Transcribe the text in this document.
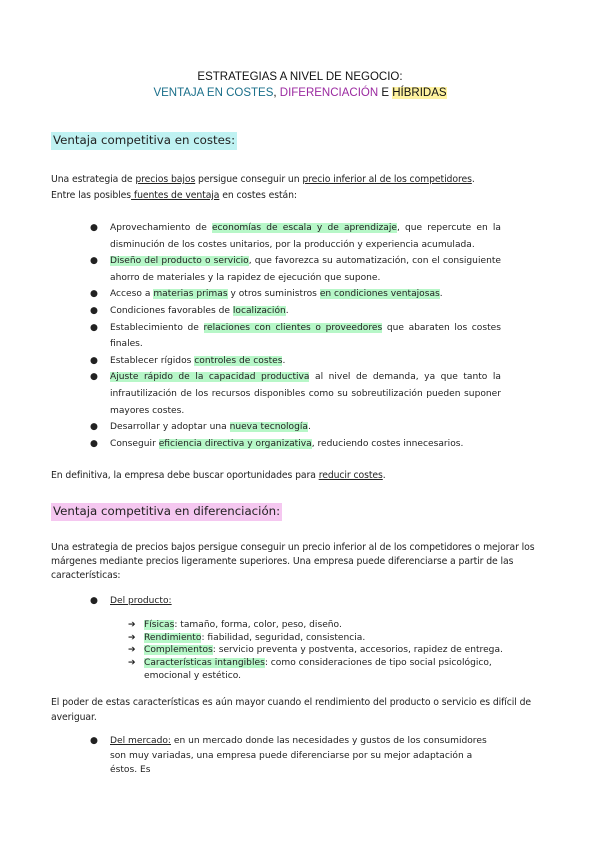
ESTRATEGIAS A NIVEL DE NEGOCIO:
VENTAJA EN COSTES, DIFERENCIACIÓN E HÍBRIDAS
Ventaja competitiva en costes:
Una estrategia de precios bajos persigue conseguir un precio inferior al de los competidores.
Entre las posibles fuentes de ventaja en costes están:
● Aprovechamiento de economías de escala y de aprendizaje, que repercute en la disminución de los costes unitarios, por la producción y experiencia acumulada.
● Diseño del producto o servicio, que favorezca su automatización, con el consiguiente ahorro de materiales y la rapidez de ejecución que supone.
● Acceso a materias primas y otros suministros en condiciones ventajosas.
● Condiciones favorables de localización.
● Establecimiento de relaciones con clientes o proveedores que abaraten los costes finales.
● Establecer rígidos controles de costes.
● Ajuste rápido de la capacidad productiva al nivel de demanda, ya que tanto la infrautilización de los recursos disponibles como su sobreutilización pueden suponer mayores costes.
● Desarrollar y adoptar una nueva tecnología.
● Conseguir eficiencia directiva y organizativa, reduciendo costes innecesarios.
En definitiva, la empresa debe buscar oportunidades para reducir costes.
Ventaja competitiva en diferenciación:
Una estrategia de precios bajos persigue conseguir un precio inferior al de los competidores o mejorar los márgenes mediante precios ligeramente superiores. Una empresa puede diferenciarse a partir de las características:
● Del producto:
➔ Físicas: tamaño, forma, color, peso, diseño.
➔ Rendimiento: fiabilidad, seguridad, consistencia.
➔ Complementos: servicio preventa y postventa, accesorios, rapidez de entrega.
➔ Características intangibles: como consideraciones de tipo social psicológico, emocional y estético.
El poder de estas características es aún mayor cuando el rendimiento del producto o servicio es difícil de averiguar.
●	Del mercado: en un mercado donde las necesidades y gustos de los consumidores son muy variadas, una empresa puede diferenciarse por su mejor adaptación a éstos. Es
